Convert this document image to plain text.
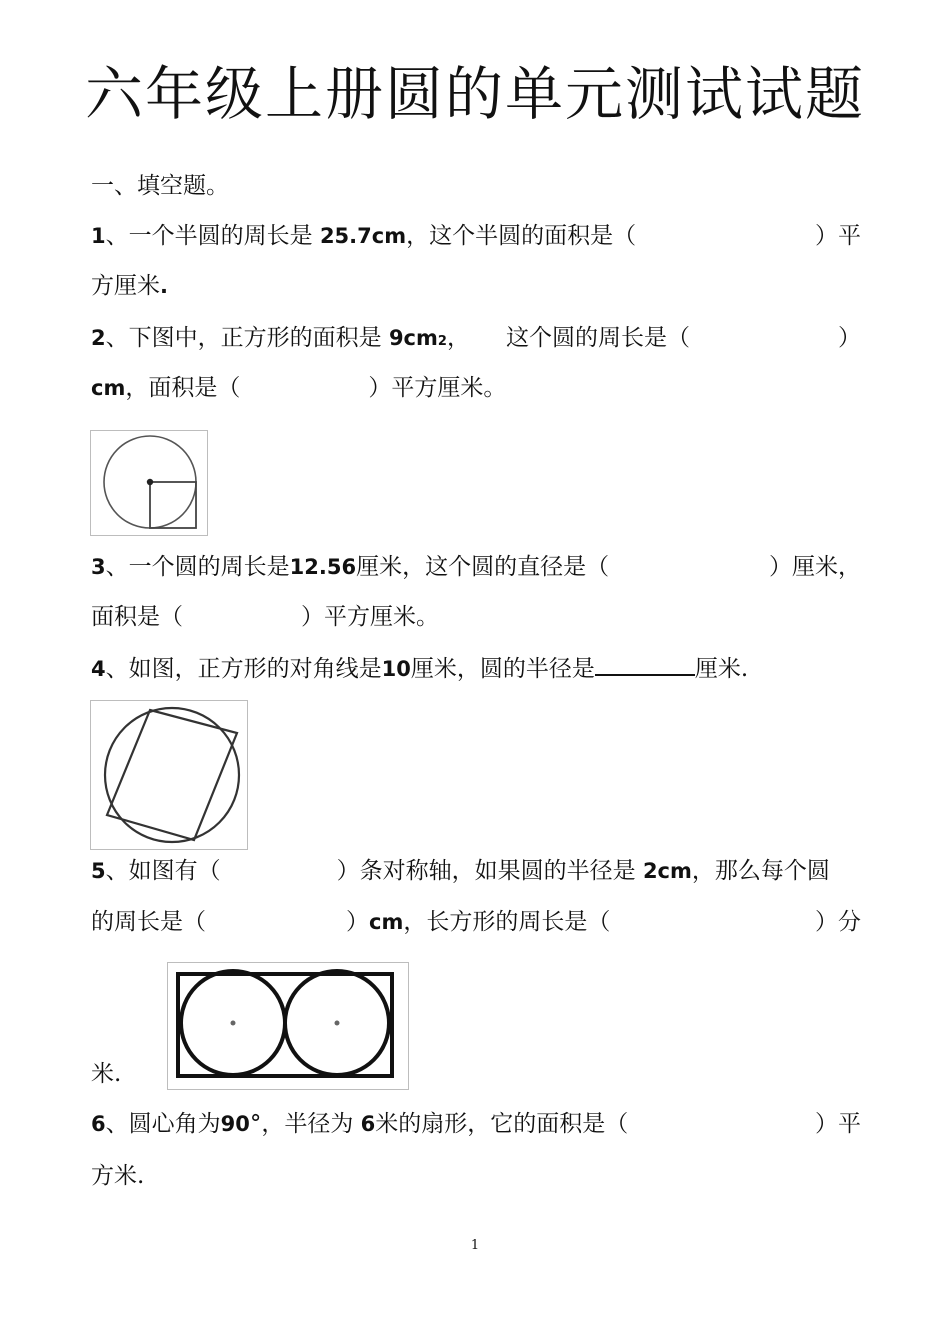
六年级上册圆的单元测试试题
一、填空题。
1、一个半圆的周长是 25.7cm，这个半圆的面积是（	）平
方厘米.
2、下图中，正方形的面积是 9cm2， 这个圆的周长是（	）
cm，面积是（	）平方厘米。
3、一个圆的周长是12.56厘米，这个圆的直径是（	）厘米，
面积是（	）平方厘米。
4、如图，正方形的对角线是10厘米，圆的半径是	厘米.
5、如图有（	）条对称轴，如果圆的半径是 2cm，那么每个圆
的周长是（	）cm，长方形的周长是（	）分
米.
6、圆心角为90°，半径为 6米的扇形，它的面积是（	）平
方米.
1
